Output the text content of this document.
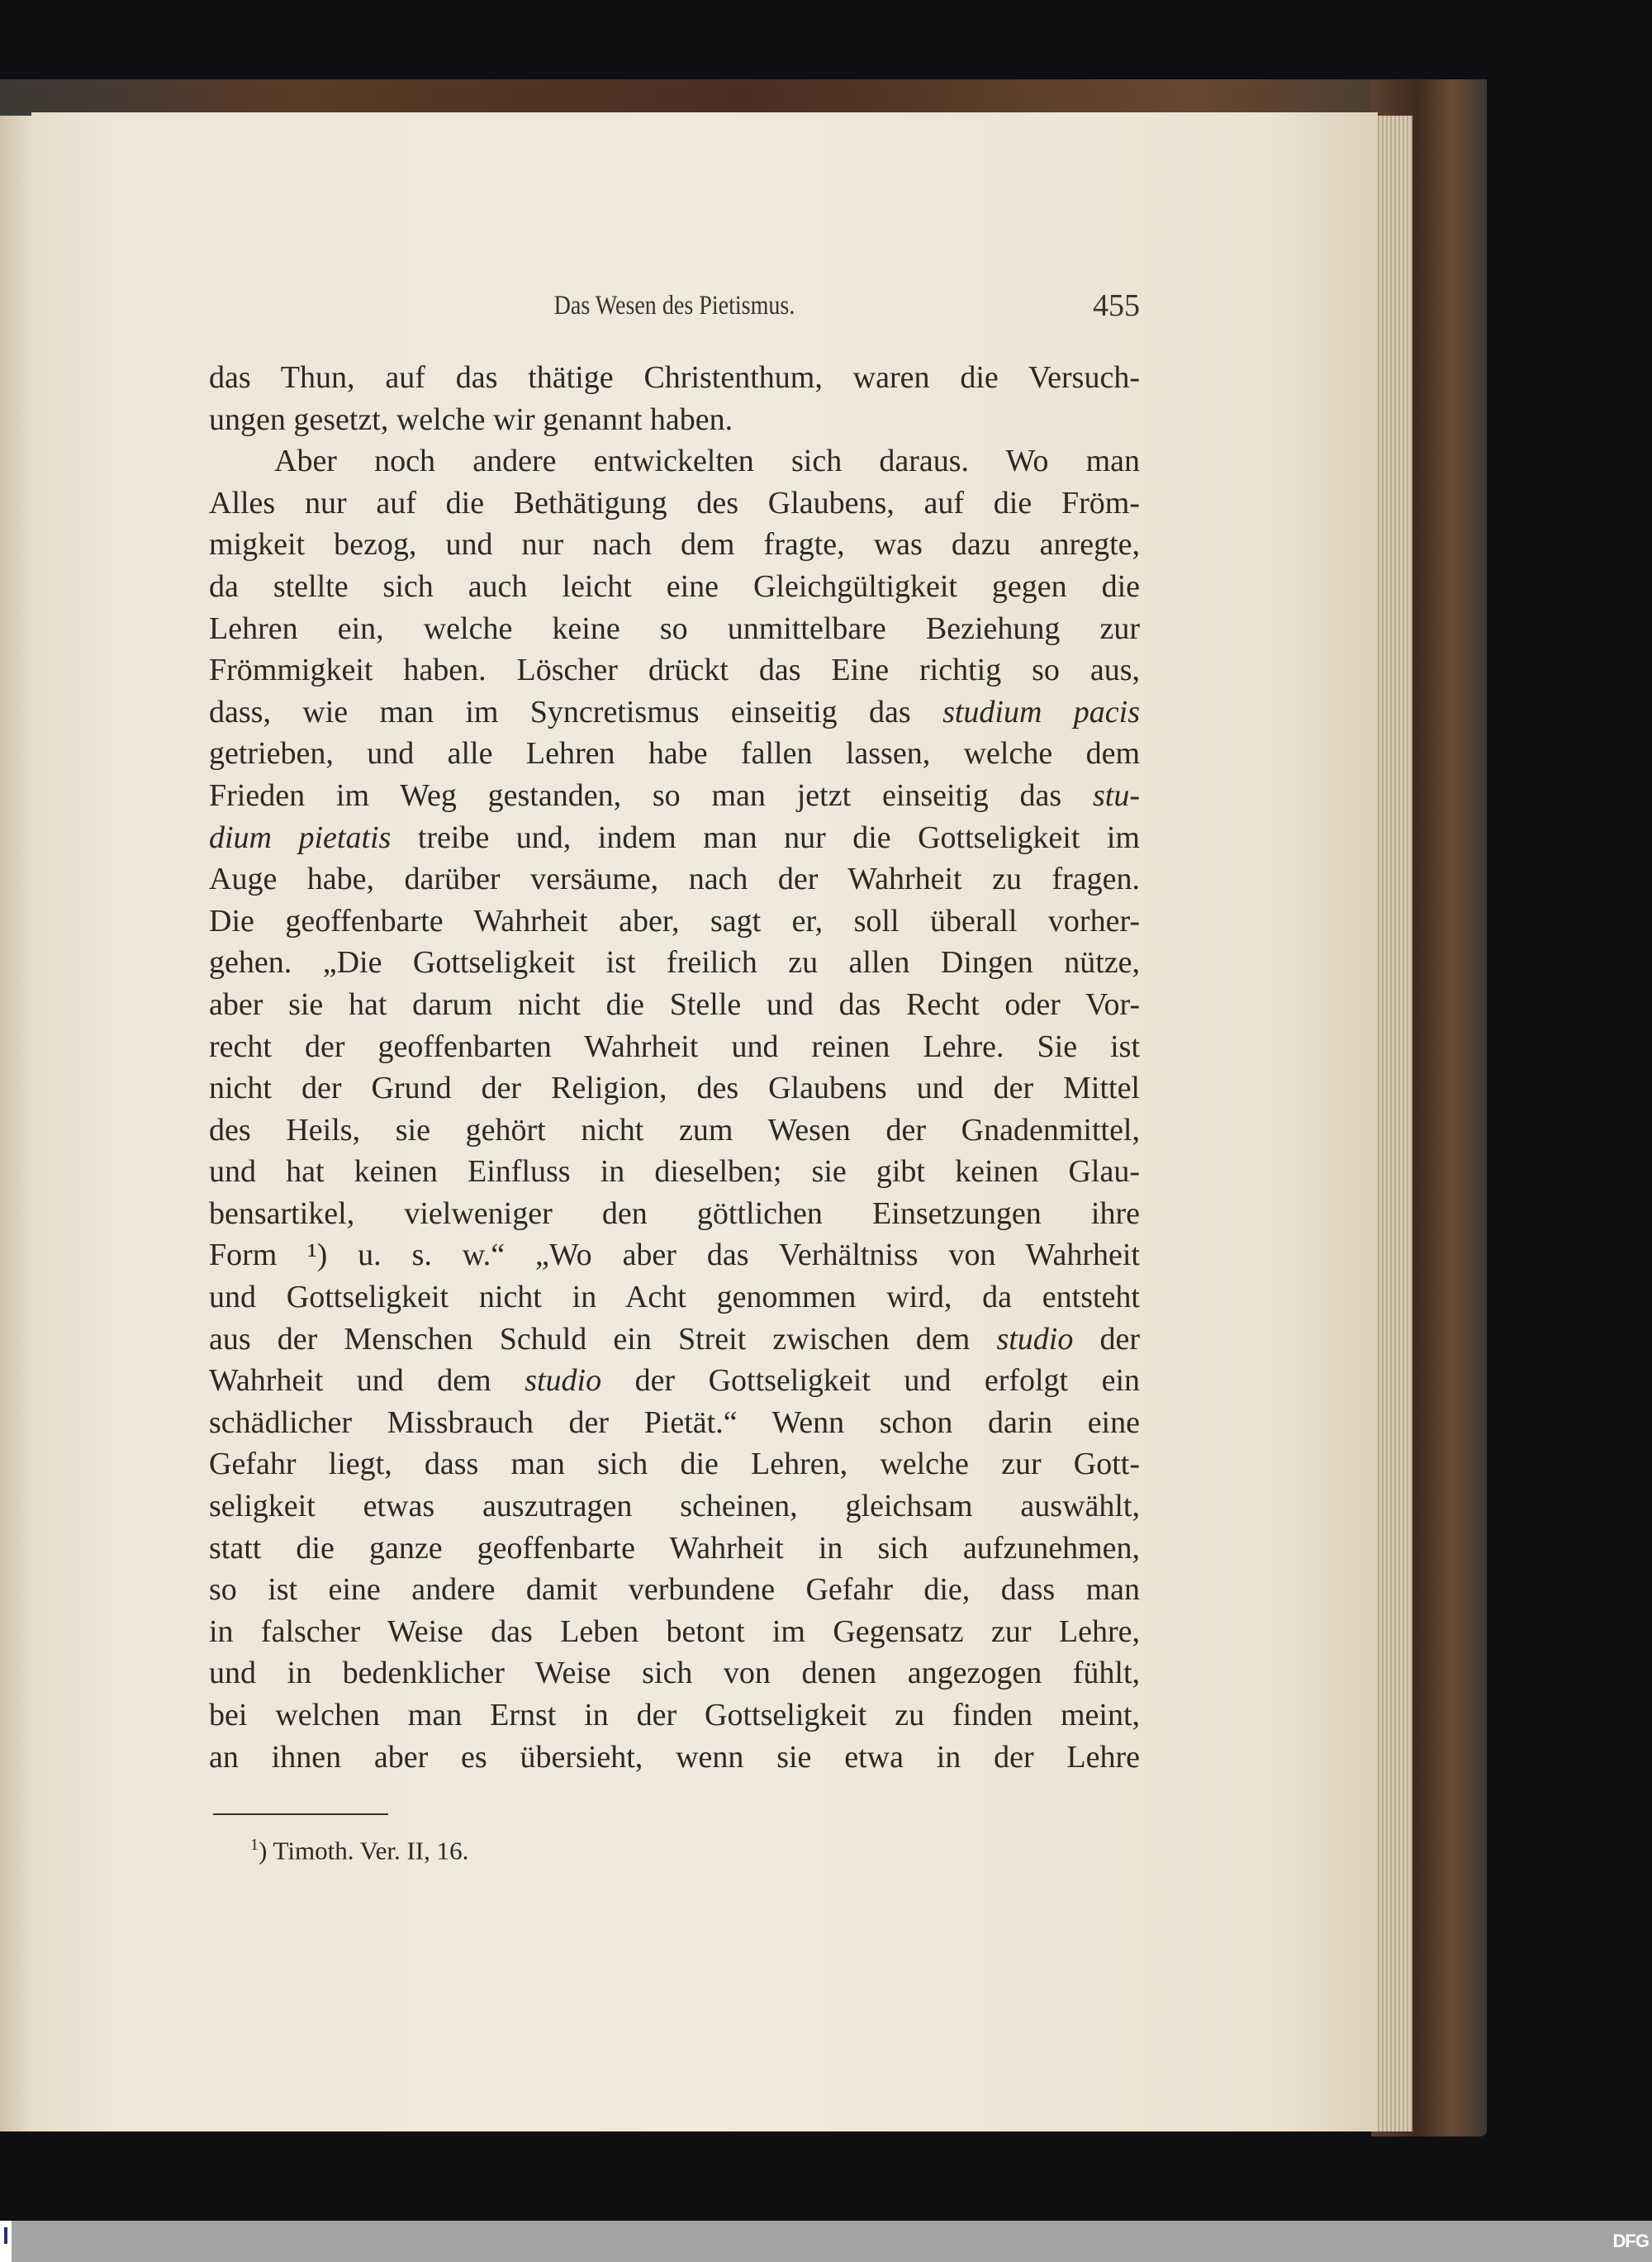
Das Wesen des Pietismus.	455
das Thun, auf das thätige Christenthum, waren die Versuch-
ungen gesetzt, welche wir genannt haben.
Aber noch andere entwickelten sich daraus. Wo man
Alles nur auf die Bethätigung des Glaubens, auf die Fröm-
migkeit bezog, und nur nach dem fragte, was dazu anregte,
da stellte sich auch leicht eine Gleichgültigkeit gegen die
Lehren ein, welche keine so unmittelbare Beziehung zur
Frömmigkeit haben. Löscher drückt das Eine richtig so aus,
dass, wie man im Syncretismus einseitig das studium pacis
getrieben, und alle Lehren habe fallen lassen, welche dem
Frieden im Weg gestanden, so man jetzt einseitig das stu-
dium pietatis treibe und, indem man nur die Gottseligkeit im
Auge habe, darüber versäume, nach der Wahrheit zu fragen.
Die geoffenbarte Wahrheit aber, sagt er, soll überall vorher-
gehen. „Die Gottseligkeit ist freilich zu allen Dingen nütze,
aber sie hat darum nicht die Stelle und das Recht oder Vor-
recht der geoffenbarten Wahrheit und reinen Lehre. Sie ist
nicht der Grund der Religion, des Glaubens und der Mittel
des Heils, sie gehört nicht zum Wesen der Gnadenmittel,
und hat keinen Einfluss in dieselben; sie gibt keinen Glau-
bensartikel, vielweniger den göttlichen Einsetzungen ihre
Form ¹) u. s. w.“ „Wo aber das Verhältniss von Wahrheit
und Gottseligkeit nicht in Acht genommen wird, da entsteht
aus der Menschen Schuld ein Streit zwischen dem studio der
Wahrheit und dem studio der Gottseligkeit und erfolgt ein
schädlicher Missbrauch der Pietät.“ Wenn schon darin eine
Gefahr liegt, dass man sich die Lehren, welche zur Gott-
seligkeit etwas auszutragen scheinen, gleichsam auswählt,
statt die ganze geoffenbarte Wahrheit in sich aufzunehmen,
so ist eine andere damit verbundene Gefahr die, dass man
in falscher Weise das Leben betont im Gegensatz zur Lehre,
und in bedenklicher Weise sich von denen angezogen fühlt,
bei welchen man Ernst in der Gottseligkeit zu finden meint,
an ihnen aber es übersieht, wenn sie etwa in der Lehre
$^1$) Timoth. Ver. II, 16.
DFG
